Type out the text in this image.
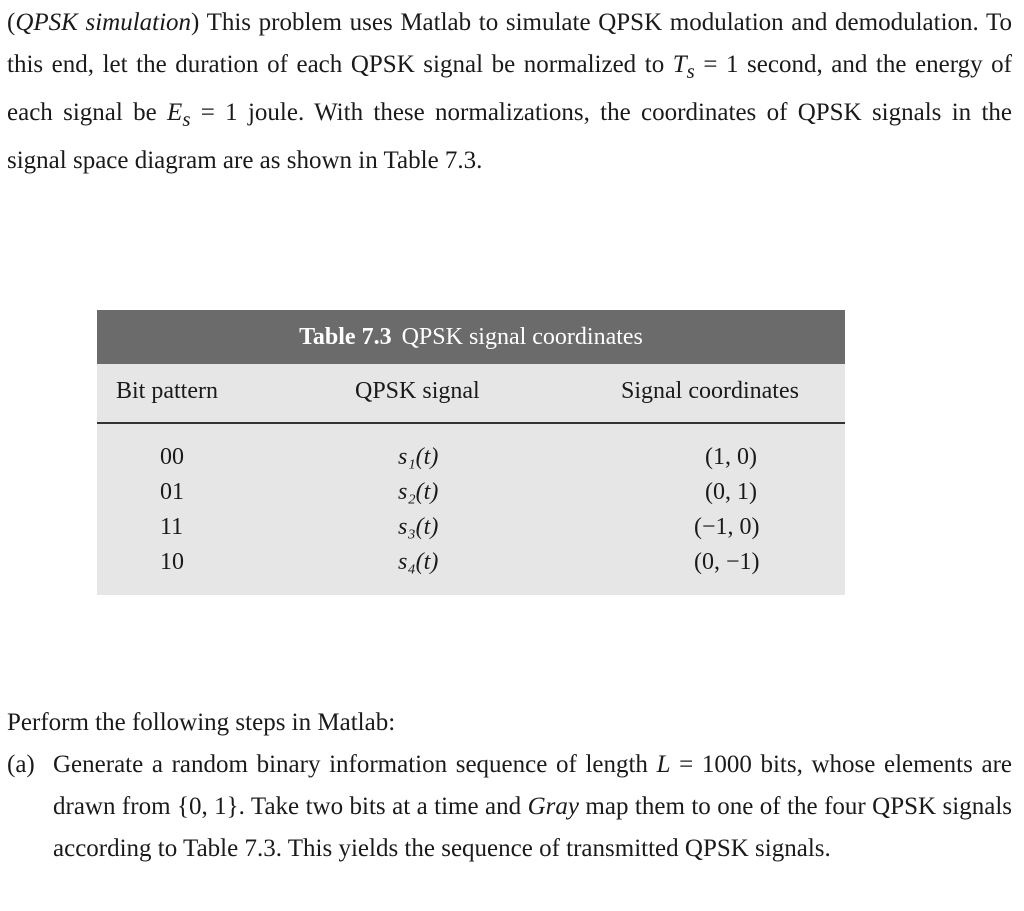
(QPSK simulation) This problem uses Matlab to simulate QPSK modulation and demodulation. To this end, let the duration of each QPSK signal be normalized to $T_s = 1$ second, and the energy of each signal be $E_s = 1$ joule. With these normalizations, the coordinates of QPSK signals in the signal space diagram are as shown in Table 7.3.

Table 7.3 QPSK signal coordinates
Bit pattern	QPSK signal	Signal coordinates
00	s₁(t)	(1, 0)
01	s₂(t)	(0, 1)
11	s₃(t)	(−1, 0)
10	s₄(t)	(0, −1)

Perform the following steps in Matlab:

(a) Generate a random binary information sequence of length L = 1000 bits, whose elements are drawn from {0, 1}. Take two bits at a time and Gray map them to one of the four QPSK signals according to Table 7.3. This yields the sequence of transmitted QPSK signals.
